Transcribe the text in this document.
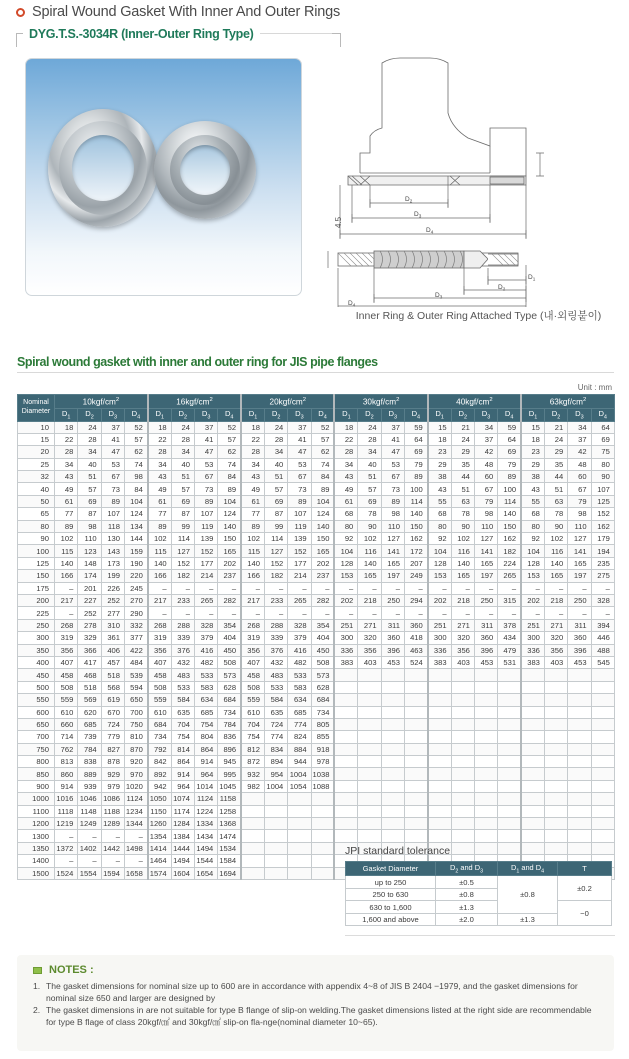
Spiral Wound Gasket With Inner And Outer Rings
DYG.T.S.-3034R (Inner-Outer Ring Type)
$D_2$
$D_3$
$D_4$
$D_1$
$D_2$
$D_3$
$D_4$
4.5
Inner Ring & Outer Ring Attached Type (내·외링붙이)
Spiral wound gasket with inner and outer ring for JIS pipe flanges
Unit : mm
Nominal
Diameter	$10kgf/cm^2$				$16kgf/cm^2$				$20kgf/cm^2$				$30kgf/cm^2$				$40kgf/cm^2$				$63kgf/cm^2$
	$D_1$	$D_2$	$D_3$	$D_4$	$D_1$	$D_2$	$D_3$	$D_4$	$D_1$	$D_2$	$D_3$	$D_4$	$D_1$	$D_2$	$D_3$	$D_4$	$D_1$	$D_2$	$D_3$	$D_4$	$D_1$	$D_2$	$D_3$	$D_4$
10	18	24	37	52	18	24	37	52	18	24	37	52	18	24	37	59	15	21	34	59	15	21	34	64
15	22	28	41	57	22	28	41	57	22	28	41	57	22	28	41	64	18	24	37	64	18	24	37	69
20	28	34	47	62	28	34	47	62	28	34	47	62	28	34	47	69	23	29	42	69	23	29	42	75
25	34	40	53	74	34	40	53	74	34	40	53	74	34	40	53	79	29	35	48	79	29	35	48	80
32	43	51	67	98	43	51	67	84	43	51	67	84	43	51	67	89	38	44	60	89	38	44	60	90
40	49	57	73	84	49	57	73	89	49	57	73	89	49	57	73	100	43	51	67	100	43	51	67	107
50	61	69	89	104	61	69	89	104	61	69	89	104	61	69	89	114	55	63	79	114	55	63	79	125
65	77	87	107	124	77	87	107	124	77	87	107	124	68	78	98	140	68	78	98	140	68	78	98	152
80	89	98	118	134	89	99	119	140	89	99	119	140	80	90	110	150	80	90	110	150	80	90	110	162
90	102	110	130	144	102	114	139	150	102	114	139	150	92	102	127	162	92	102	127	162	92	102	127	179
100	115	123	143	159	115	127	152	165	115	127	152	165	104	116	141	172	104	116	141	182	104	116	141	194
125	140	148	173	190	140	152	177	202	140	152	177	202	128	140	165	207	128	140	165	224	128	140	165	235
150	166	174	199	220	166	182	214	237	166	182	214	237	153	165	197	249	153	165	197	265	153	165	197	275
175	–	201	226	245	–	–	–	–	–	–	–	–	–	–	–	–	–	–	–	–	–	–	–	–
200	217	227	252	270	217	233	265	282	217	233	265	282	202	218	250	294	202	218	250	315	202	218	250	328
225	–	252	277	290	–	–	–	–	–	–	–	–	–	–	–	–	–	–	–	–	–	–	–	–
250	268	278	310	332	268	288	328	354	268	288	328	354	251	271	311	360	251	271	311	378	251	271	311	394
300	319	329	361	377	319	339	379	404	319	339	379	404	300	320	360	418	300	320	360	434	300	320	360	446
350	356	366	406	422	356	376	416	450	356	376	416	450	336	356	396	463	336	356	396	479	336	356	396	488
400	407	417	457	484	407	432	482	508	407	432	482	508	383	403	453	524	383	403	453	531	383	403	453	545
450	458	468	518	539	458	483	533	573	458	483	533	573												
500	508	518	568	594	508	533	583	628	508	533	583	628												
550	559	569	619	650	559	584	634	684	559	584	634	684												
600	610	620	670	700	610	635	685	734	610	635	685	734												
650	660	685	724	750	684	704	754	784	704	724	774	805												
700	714	739	779	810	734	754	804	836	754	774	824	855												
750	762	784	827	870	792	814	864	896	812	834	884	918												
800	813	838	878	920	842	864	914	945	872	894	944	978												
850	860	889	929	970	892	914	964	995	932	954	1004	1038												
900	914	939	979	1020	942	964	1014	1045	982	1004	1054	1088												
1000	1016	1046	1086	1124	1050	1074	1124	1158																
1100	1118	1148	1188	1234	1150	1174	1224	1258																
1200	1219	1249	1289	1344	1260	1284	1334	1368																
1300	–	–	–	–	1354	1384	1434	1474																
1350	1372	1402	1442	1498	1414	1444	1494	1534																
1400	–	–	–	–	1464	1494	1544	1584																
1500	1524	1554	1594	1658	1574	1604	1654	1694																
JPI standard tolerance
Gasket Diameter	$D_2$ and $D_3$	$D_1$ and $D_4$	T
up to 250	±0.5	±0.8	±0.2
250 to 630	±0.8		
630 to 1,600	±1.3		−0
1,600 and above	±2.0	±1.3	
NOTES :
1. The gasket dimensions for nominal size up to 600 are in accordance with appendix 4~8 of JIS B 2404 −1979, and the gasket dimensions for nominal size 650 and larger are designed by
2. The gasket dimensions in are not suitable for type B flange of slip-on welding.The gasket dimensions listed at the right side are recommendable for type B flage of class 20kgf/㎠ and 30kgf/㎠ slip-on fla-nge(nominal diameter 10~65).
